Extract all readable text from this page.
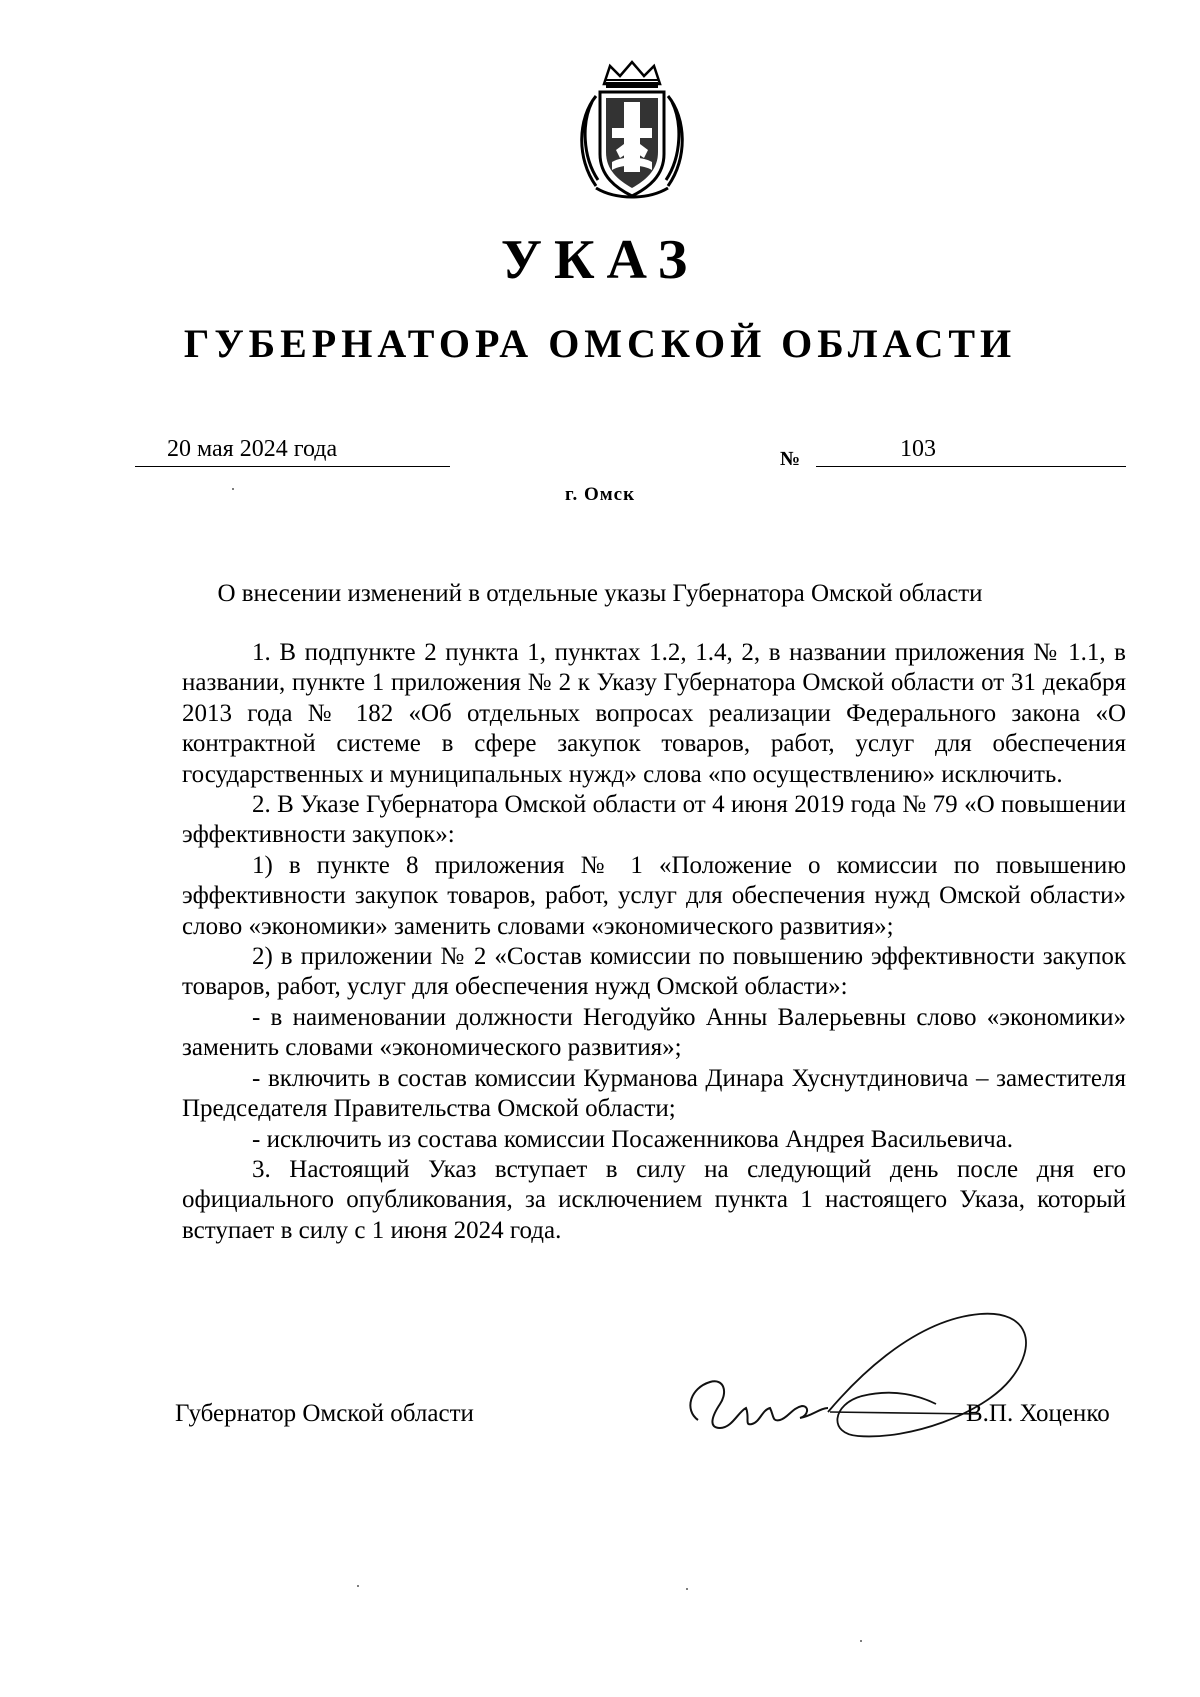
УКАЗ
ГУБЕРНАТОРА ОМСКОЙ ОБЛАСТИ
20 мая 2024 года	№	103
г. Омск
О внесении изменений в отдельные указы Губернатора Омской области

1. В подпункте 2 пункта 1, пунктах 1.2, 1.4, 2, в названии приложения № 1.1, в названии, пункте 1 приложения № 2 к Указу Губернатора Омской области от 31 декабря 2013 года № 182 «Об отдельных вопросах реализации Федерального закона «О контрактной системе в сфере закупок товаров, работ, услуг для обеспечения государственных и муниципальных нужд» слова «по осуществлению» исключить.

2. В Указе Губернатора Омской области от 4 июня 2019 года № 79 «О повышении эффективности закупок»:

1) в пункте 8 приложения № 1 «Положение о комиссии по повышению эффективности закупок товаров, работ, услуг для обеспечения нужд Омской области» слово «экономики» заменить словами «экономического развития»;

2) в приложении № 2 «Состав комиссии по повышению эффективности закупок товаров, работ, услуг для обеспечения нужд Омской области»:

- в наименовании должности Негодуйко Анны Валерьевны слово «экономики» заменить словами «экономического развития»;

- включить в состав комиссии Курманова Динара Хуснутдиновича – заместителя Председателя Правительства Омской области;

- исключить из состава комиссии Посаженникова Андрея Васильевича.

3. Настоящий Указ вступает в силу на следующий день после дня его официального опубликования, за исключением пункта 1 настоящего Указа, который вступает в силу с 1 июня 2024 года.

Губернатор Омской области	В.П. Хоценко
